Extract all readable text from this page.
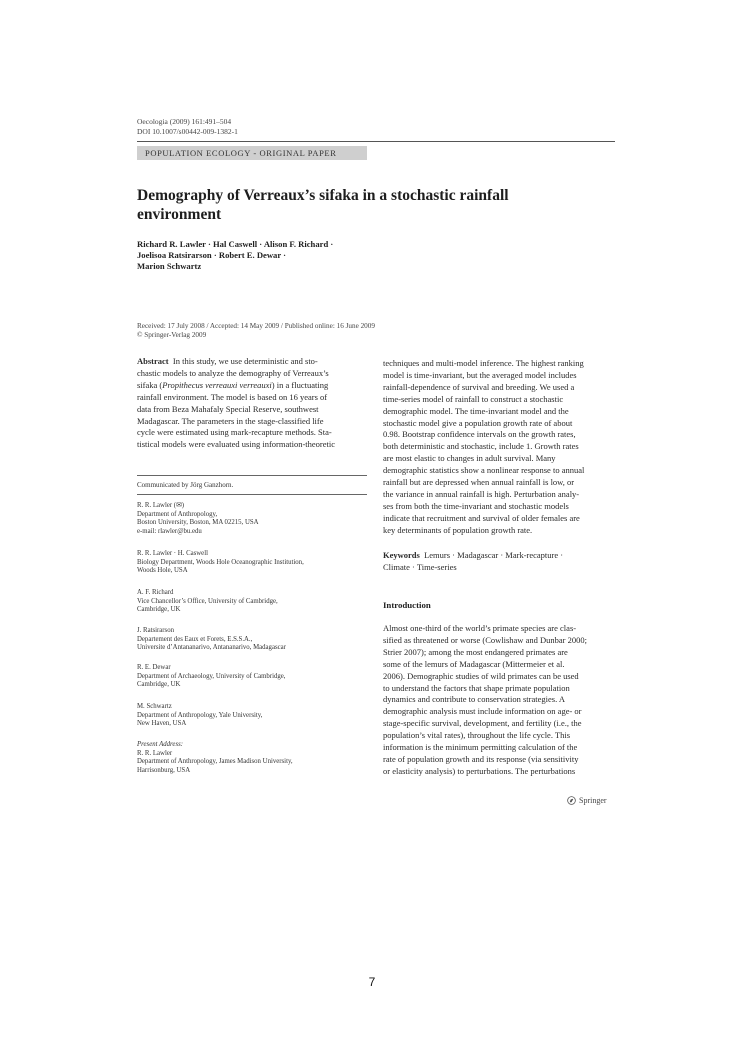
Oecologia (2009) 161:491–504
DOI 10.1007/s00442-009-1382-1
POPULATION ECOLOGY - ORIGINAL PAPER
Demography of Verreaux’s sifaka in a stochastic rainfall environment
Richard R. Lawler · Hal Caswell · Alison F. Richard ·
Joelisoa Ratsirarson · Robert E. Dewar ·
Marion Schwartz
Received: 17 July 2008 / Accepted: 14 May 2009 / Published online: 16 June 2009
© Springer-Verlag 2009
Abstract In this study, we use deterministic and sto-
chastic models to analyze the demography of Verreaux’s
sifaka (Propithecus verreauxi verreauxi) in a fluctuating
rainfall environment. The model is based on 16 years of
data from Beza Mahafaly Special Reserve, southwest
Madagascar. The parameters in the stage-classified life
cycle were estimated using mark-recapture methods. Sta-
tistical models were evaluated using information-theoretic
techniques and multi-model inference. The highest ranking
model is time-invariant, but the averaged model includes
rainfall-dependence of survival and breeding. We used a
time-series model of rainfall to construct a stochastic
demographic model. The time-invariant model and the
stochastic model give a population growth rate of about
0.98. Bootstrap confidence intervals on the growth rates,
both deterministic and stochastic, include 1. Growth rates
are most elastic to changes in adult survival. Many
demographic statistics show a nonlinear response to annual
rainfall but are depressed when annual rainfall is low, or
the variance in annual rainfall is high. Perturbation analy-
ses from both the time-invariant and stochastic models
indicate that recruitment and survival of older females are
key determinants of population growth rate.
Keywords Lemurs · Madagascar · Mark-recapture ·
Climate · Time-series
Communicated by Jörg Ganzhorn.
R. R. Lawler (✉)
Department of Anthropology,
Boston University, Boston, MA 02215, USA
e-mail: rlawler@bu.edu
R. R. Lawler · H. Caswell
Biology Department, Woods Hole Oceanographic Institution,
Woods Hole, USA
A. F. Richard
Vice Chancellor’s Office, University of Cambridge,
Cambridge, UK
J. Ratsirarson
Departement des Eaux et Forets, E.S.S.A.,
Universite d’Antananarivo, Antananarivo, Madagascar
R. E. Dewar
Department of Archaeology, University of Cambridge,
Cambridge, UK
M. Schwartz
Department of Anthropology, Yale University,
New Haven, USA
Present Address:
R. R. Lawler
Department of Anthropology, James Madison University,
Harrisonburg, USA
Introduction
Almost one-third of the world’s primate species are clas-
sified as threatened or worse (Cowlishaw and Dunbar 2000;
Strier 2007); among the most endangered primates are
some of the lemurs of Madagascar (Mittermeier et al.
2006). Demographic studies of wild primates can be used
to understand the factors that shape primate population
dynamics and contribute to conservation strategies. A
demographic analysis must include information on age- or
stage-specific survival, development, and fertility (i.e., the
population’s vital rates), throughout the life cycle. This
information is the minimum permitting calculation of the
rate of population growth and its response (via sensitivity
or elasticity analysis) to perturbations. The perturbations
Springer
7
